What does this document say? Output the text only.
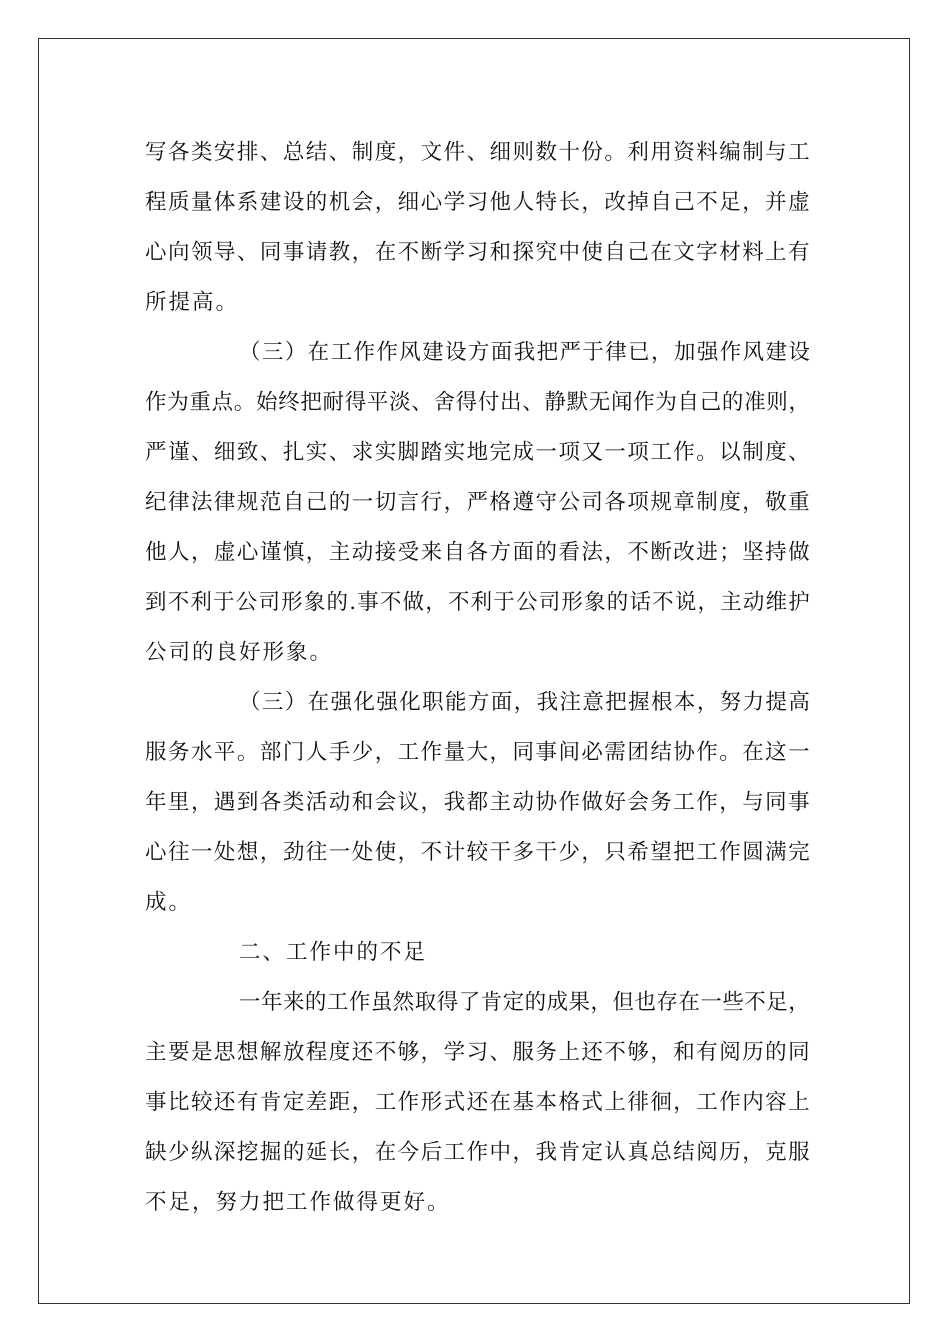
写 各 类 安 排 、 总 结 、 制 度 ， 文 件 、 细 则 数 十 份 。 利 用 资 料 编 制 与 工
程 质 量 体 系 建 设 的 机 会 ， 细 心 学 习 他 人 特 长 ， 改 掉 自 己 不 足 ， 并 虚
心 向 领 导 、 同 事 请 教 ， 在 不 断 学 习 和 探 究 中 使 自 己 在 文 字 材 料 上 有
所提高。
（ 三 ） 在 工 作 作 风 建 设 方 面 我 把 严 于 律 已 ， 加 强 作 风 建 设
作 为 重 点 。 始 终 把 耐 得 平 淡 、 舍 得 付 出 、 静 默 无 闻 作 为 自 己 的 准 则 ，
严 谨 、 细 致 、 扎 实 、 求 实 脚 踏 实 地 完 成 一 项 又 一 项 工 作 。 以 制 度 、
纪 律 法 律 规 范 自 己 的 一 切 言 行 ， 严 格 遵 守 公 司 各 项 规 章 制 度 ， 敬 重
他 人 ， 虚 心 谨 慎 ， 主 动 接 受 来 自 各 方 面 的 看 法 ， 不 断 改 进 ； 坚 持 做
到 不 利 于 公 司 形 象 的 . 事 不 做 ， 不 利 于 公 司 形 象 的 话 不 说 ， 主 动 维 护
公司的良好形象。
（ 三 ） 在 强 化 强 化 职 能 方 面 ， 我 注 意 把 握 根 本 ， 努 力 提 高
服 务 水 平 。 部 门 人 手 少 ， 工 作 量 大 ， 同 事 间 必 需 团 结 协 作 。 在 这 一
年 里 ， 遇 到 各 类 活 动 和 会 议 ， 我 都 主 动 协 作 做 好 会 务 工 作 ， 与 同 事
心 往 一 处 想 ， 劲 往 一 处 使 ， 不 计 较 干 多 干 少 ， 只 希 望 把 工 作 圆 满 完
成。
二、工作中的不足
一 年 来 的 工 作 虽 然 取 得 了 肯 定 的 成 果 ， 但 也 存 在 一 些 不 足 ，
主 要 是 思 想 解 放 程 度 还 不 够 ， 学 习 、 服 务 上 还 不 够 ， 和 有 阅 历 的 同
事 比 较 还 有 肯 定 差 距 ， 工 作 形 式 还 在 基 本 格 式 上 徘 徊 ， 工 作 内 容 上
缺 少 纵 深 挖 掘 的 延 长 ， 在 今 后 工 作 中 ， 我 肯 定 认 真 总 结 阅 历 ， 克 服
不足，努力把工作做得更好。
